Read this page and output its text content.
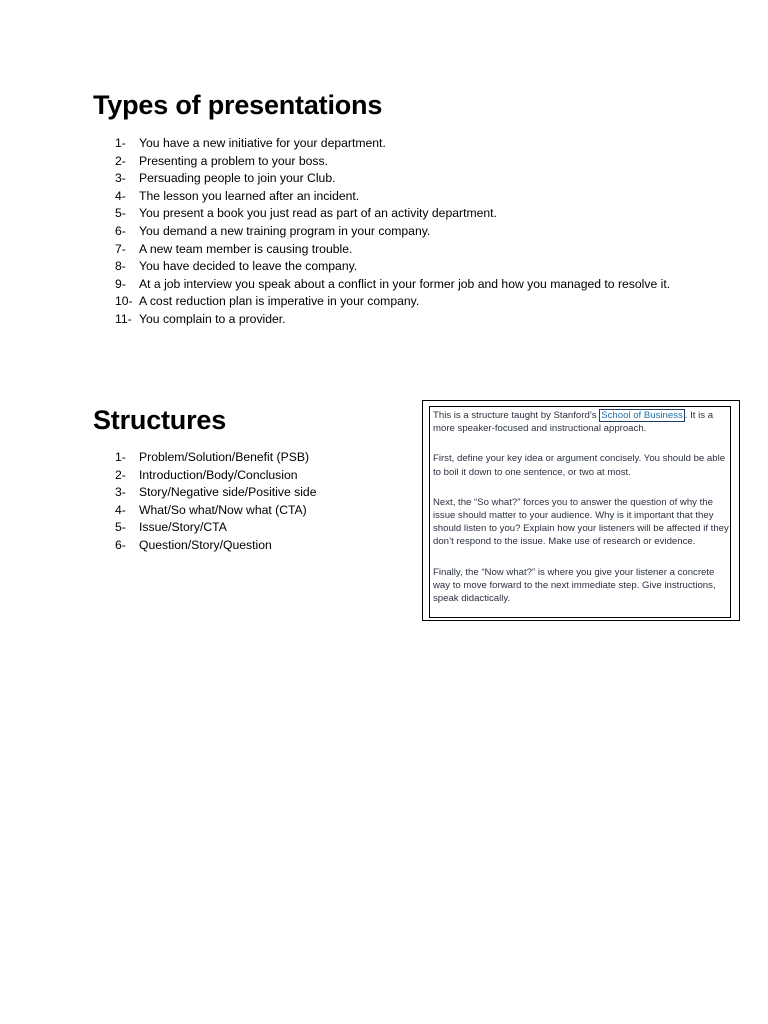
Types of presentations
1- You have a new initiative for your department.
2- Presenting a problem to your boss.
3- Persuading people to join your Club.
4- The lesson you learned after an incident.
5- You present a book you just read as part of an activity department.
6- You demand a new training program in your company.
7- A new team member is causing trouble.
8- You have decided to leave the company.
9- At a job interview you speak about a conflict in your former job and how you managed to resolve it.
10- A cost reduction plan is imperative in your company.
11- You complain to a provider.
Structures
1- Problem/Solution/Benefit (PSB)
2- Introduction/Body/Conclusion
3- Story/Negative side/Positive side
4- What/So what/Now what (CTA)
5- Issue/Story/CTA
6- Question/Story/Question

This is a structure taught by Stanford’s School of Business . It is a more speaker-focused and instructional approach.

First, define your key idea or argument concisely. You should be able to boil it down to one sentence, or two at most.

Next, the “So what?” forces you to answer the question of why the issue should matter to your audience. Why is it important that they should listen to you? Explain how your listeners will be affected if they don’t respond to the issue. Make use of research or evidence.

Finally, the “Now what?” is where you give your listener a concrete way to move forward to the next immediate step. Give instructions, speak didactically.
